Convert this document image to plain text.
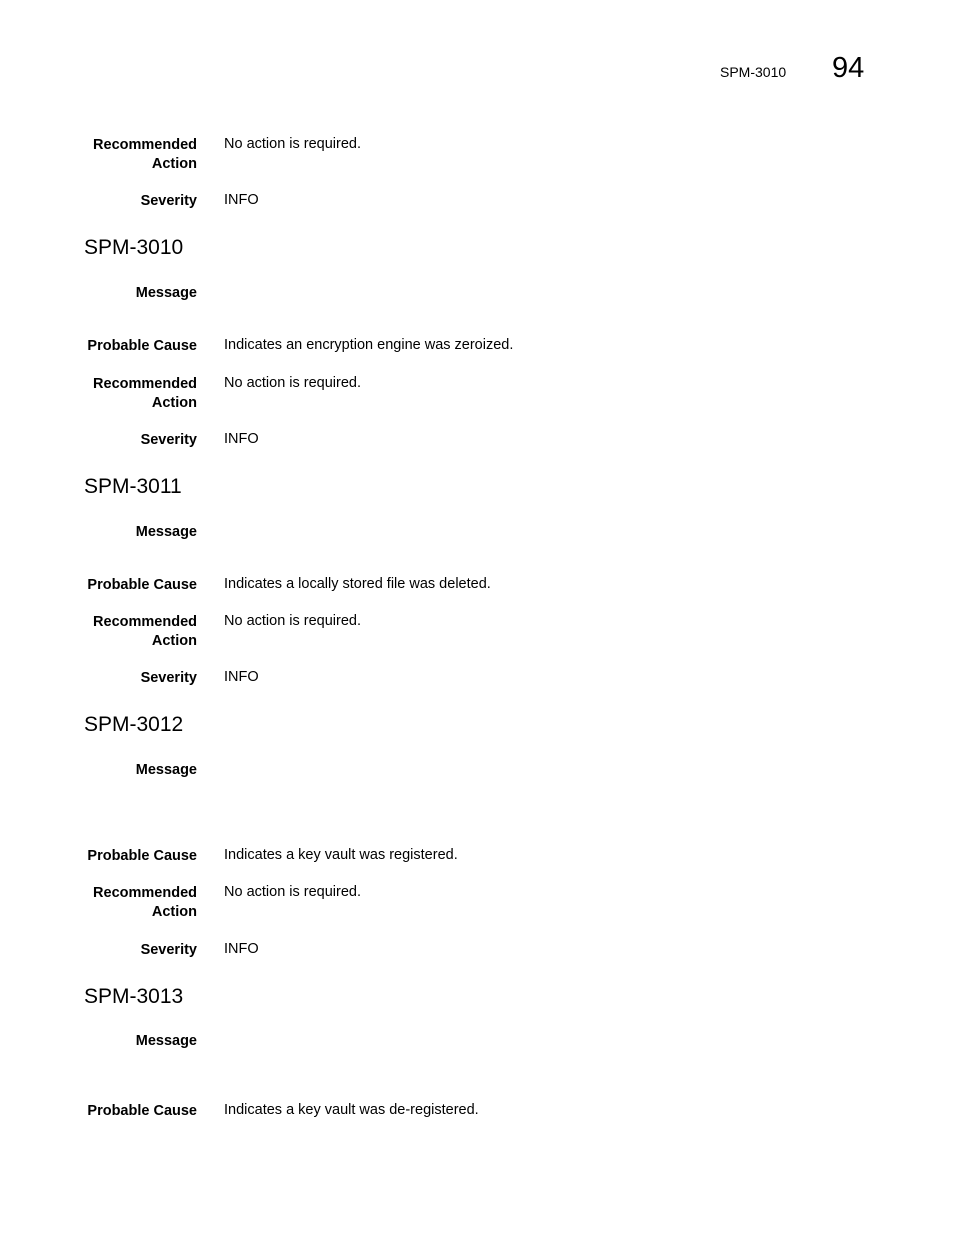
SPM-3010 94
Recommended
Action
No action is required.
Severity INFO
SPM-3010
Message
Probable Cause Indicates an encryption engine was zeroized.
Recommended
Action
No action is required.
Severity INFO
SPM-3011
Message
Probable Cause Indicates a locally stored file was deleted.
Recommended
Action
No action is required.
Severity INFO
SPM-3012
Message
Probable Cause Indicates a key vault was registered.
Recommended
Action
No action is required.
Severity INFO
SPM-3013
Message
Probable Cause Indicates a key vault was de-registered.
